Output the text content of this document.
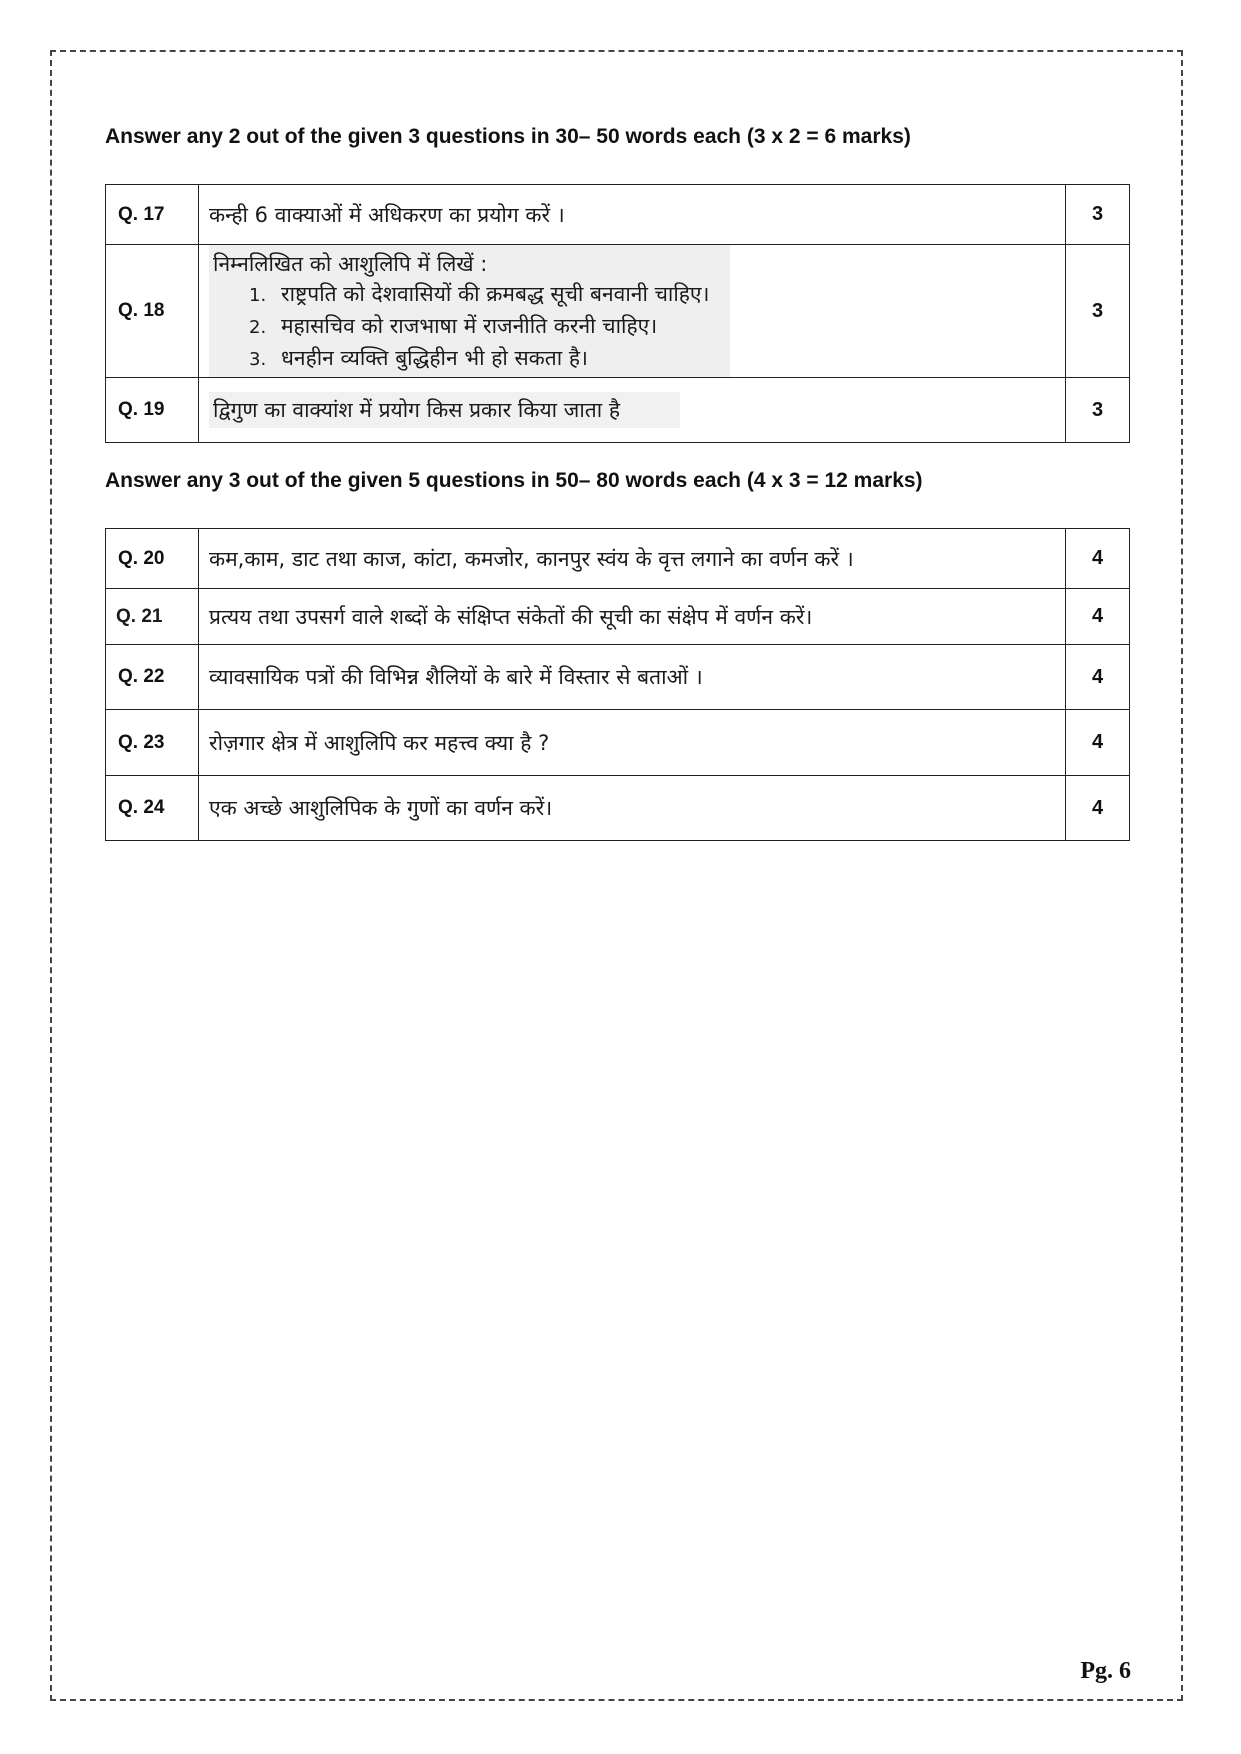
Answer any 2 out of the given 3 questions in 30– 50 words each (3 x 2 = 6 marks)
Q. 17	कन्ही 6 वाक्याओं में अधिकरण का प्रयोग करें ।	3
Q. 18	निम्नलिखित को आशुलिपि में लिखें :
1. राष्ट्रपति को देशवासियों की क्रमबद्ध सूची बनवानी चाहिए।
2. महासचिव को राजभाषा में राजनीति करनी चाहिए।
3. धनहीन व्यक्ति बुद्धिहीन भी हो सकता है।	3
Q. 19	द्विगुण का वाक्यांश में प्रयोग किस प्रकार किया जाता है	3
Answer any 3 out of the given 5 questions in 50– 80 words each (4 x 3 = 12 marks)
Q. 20	कम,काम, डाट तथा काज, कांटा, कमजोर, कानपुर स्वंय के वृत्त लगाने का वर्णन करें ।	4
Q. 21	प्रत्यय तथा उपसर्ग वाले शब्दों के संक्षिप्त संकेतों की सूची का संक्षेप में वर्णन करें।	4
Q. 22	व्यावसायिक पत्रों की विभिन्न शैलियों के बारे में विस्तार से बताओं ।	4
Q. 23	रोज़गार क्षेत्र में आशुलिपि कर महत्त्व क्या है ?	4
Q. 24	एक अच्छे आशुलिपिक के गुणों का वर्णन करें।	4
Pg. 6
